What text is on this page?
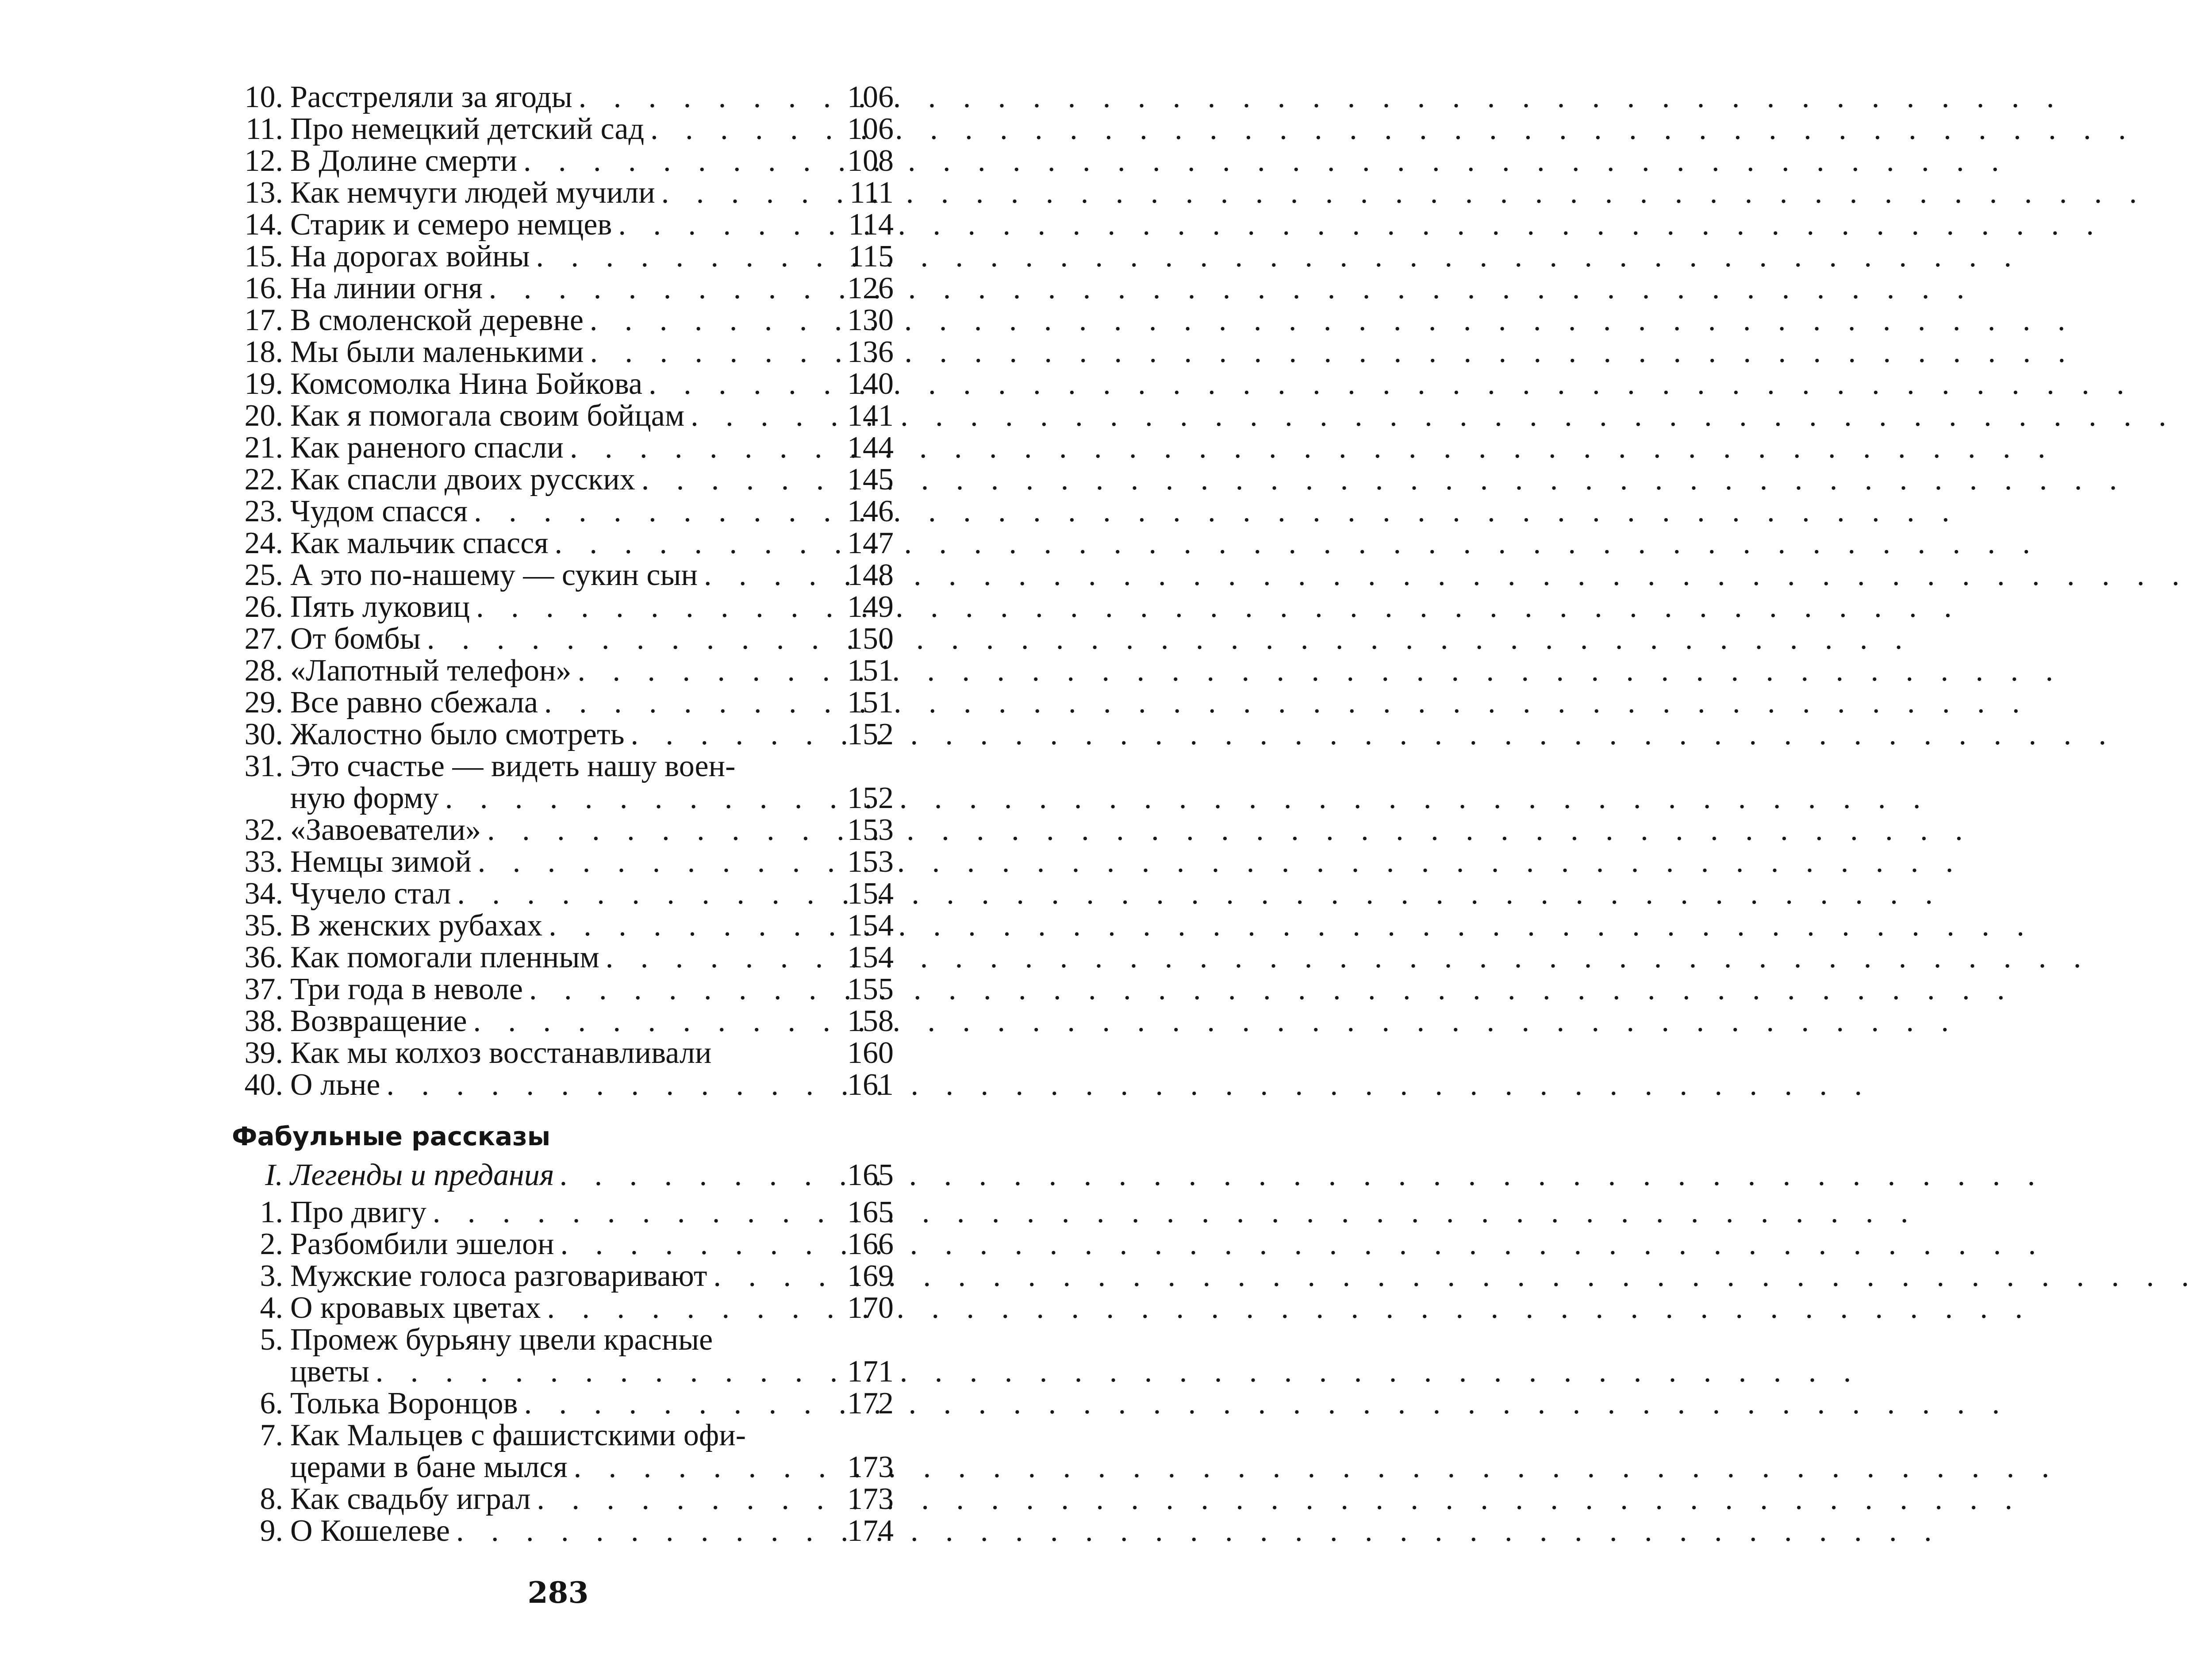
10. Расстреляли за ягоды . . .	106
11. Про немецкий детский сад . . .	106
12. В Долине смерти . . .	108
13. Как немчуги людей мучили . . .	111
14. Старик и семеро немцев . . .	114
15. На дорогах войны . . .	115
16. На линии огня . . .	126
17. В смоленской деревне . . .	130
18. Мы были маленькими . . .	136
19. Комсомолка Нина Бойкова . . .	140
20. Как я помогала своим бойцам . . .	141
21. Как раненого спасли . . .	144
22. Как спасли двоих русских . . .	145
23. Чудом спасся . . .	146
24. Как мальчик спасся . . .	147
25. А это по-нашему — сукин сын . . .	148
26. Пять луковиц . . .	149
27. От бомбы . . .	150
28. «Лапотный телефон» . . .	151
29. Все равно сбежала . . .	151
30. Жалостно было смотреть . . .	152
31. Это счастье — видеть нашу воен-
ную форму . . .	152
32. «Завоеватели» . . .	153
33. Немцы зимой . . .	153
34. Чучело стал . . .	154
35. В женских рубахах . . .	154
36. Как помогали пленным . . .	154
37. Три года в неволе . . .	155
38. Возвращение . . .	158
39. Как мы колхоз восстанавливали	160
40. О льне . . .	161
Фабульные рассказы
I. Легенды и предания . . .	165
1. Про двигу . . .	165
2. Разбомбили эшелон . . .	166
3. Мужские голоса разговаривают . . .	169
4. О кровавых цветах . . .	170
5. Промеж бурьяну цвели красные
цветы . . .	171
6. Толька Воронцов . . .	172
7. Как Мальцев с фашистскими офи-
церами в бане мылся . . .	173
8. Как свадьбу играл . . .	173
9. О Кошелеве . . .	174
283
